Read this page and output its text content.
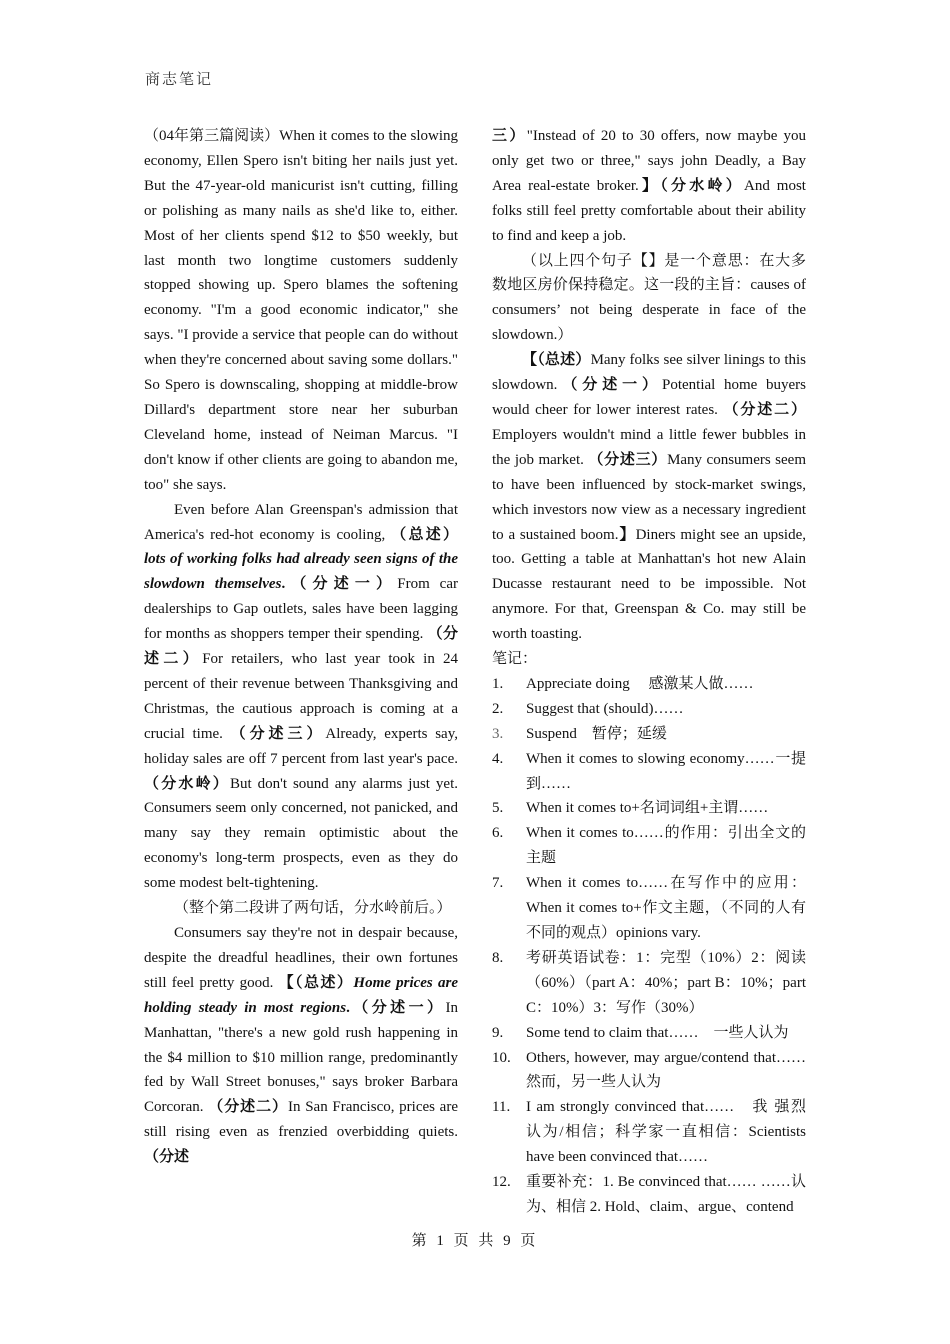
商志笔记

（04年第三篇阅读）When it comes to the slowing economy, Ellen Spero isn't biting her nails just yet. But the 47-year-old manicurist isn't cutting, filling or polishing as many nails as she'd like to, either. Most of her clients spend $12 to $50 weekly, but last month two longtime customers suddenly stopped showing up. Spero blames the softening economy. "I'm a good economic indicator," she says. "I provide a service that people can do without when they're concerned about saving some dollars." So Spero is downscaling, shopping at middle-brow Dillard's department store near her suburban Cleveland home, instead of Neiman Marcus. "I don't know if other clients are going to abandon me, too" she says.

Even before Alan Greenspan's admission that America's red-hot economy is cooling, （总述）lots of working folks had already seen signs of the slowdown themselves.（分述一）From car dealerships to Gap outlets, sales have been lagging for months as shoppers temper their spending. （分述二）For retailers, who last year took in 24 percent of their revenue between Thanksgiving and Christmas, the cautious approach is coming at a crucial time. （分述三）Already, experts say, holiday sales are off 7 percent from last year's pace. （分水岭）But don't sound any alarms just yet. Consumers seem only concerned, not panicked, and many say they remain optimistic about the economy's long-term prospects, even as they do some modest belt-tightening.

（整个第二段讲了两句话，分水岭前后。）

Consumers say they're not in despair because, despite the dreadful headlines, their own fortunes still feel pretty good. 【（总述）Home prices are holding steady in most regions.（分述一）In Manhattan, "there's a new gold rush happening in the $4 million to $10 million range, predominantly fed by Wall Street bonuses," says broker Barbara Corcoran. （分述二）In San Francisco, prices are still rising even as frenzied overbidding quiets. （分述

三）"Instead of 20 to 30 offers, now maybe you only get two or three," says john Deadly, a Bay Area real-estate broker.】（分水岭）And most folks still feel pretty comfortable about their ability to find and keep a job.

（以上四个句子【】是一个意思：在大多数地区房价保持稳定。这一段的主旨：causes of consumers’ not being desperate in face of the slowdown.）

【（总述）Many folks see silver linings to this slowdown.（分述一）Potential home buyers would cheer for lower interest rates. （分述二）Employers wouldn't mind a little fewer bubbles in the job market. （分述三）Many consumers seem to have been influenced by stock-market swings, which investors now view as a necessary ingredient to a sustained boom.】Diners might see an upside, too. Getting a table at Manhattan's hot new Alain Ducasse restaurant need to be impossible. Not anymore. For that, Greenspan & Co. may still be worth toasting.

笔记：

1.	Appreciate doing　 感激某人做……
2.	Suggest that (should)……
3.	Suspend　暂停；延缓
4.	When it comes to slowing economy……一提到……
5.	When it comes to+名词词组+主谓……
6.	When it comes to……的作用：引出全文的主题
7.	When it comes to……在写作中的应用：When it comes to+作文主题，（不同的人有不同的观点）opinions vary.
8.	考研英语试卷：1：完型（10%）2：阅读（60%）（part A：40%；part B：10%；part C：10%）3：写作（30%）
9.	Some tend to claim that……　一些人认为
10.	Others, however, may argue/contend that……　然而，另一些人认为
11.	I am strongly convinced that……　我 强烈认为/相信；科学家一直相信：Scientists have been convinced that……
12.	重要补充：1. Be convinced that…… ……认为、相信 2. Hold、claim、argue、contend
第 1 页 共 9 页
